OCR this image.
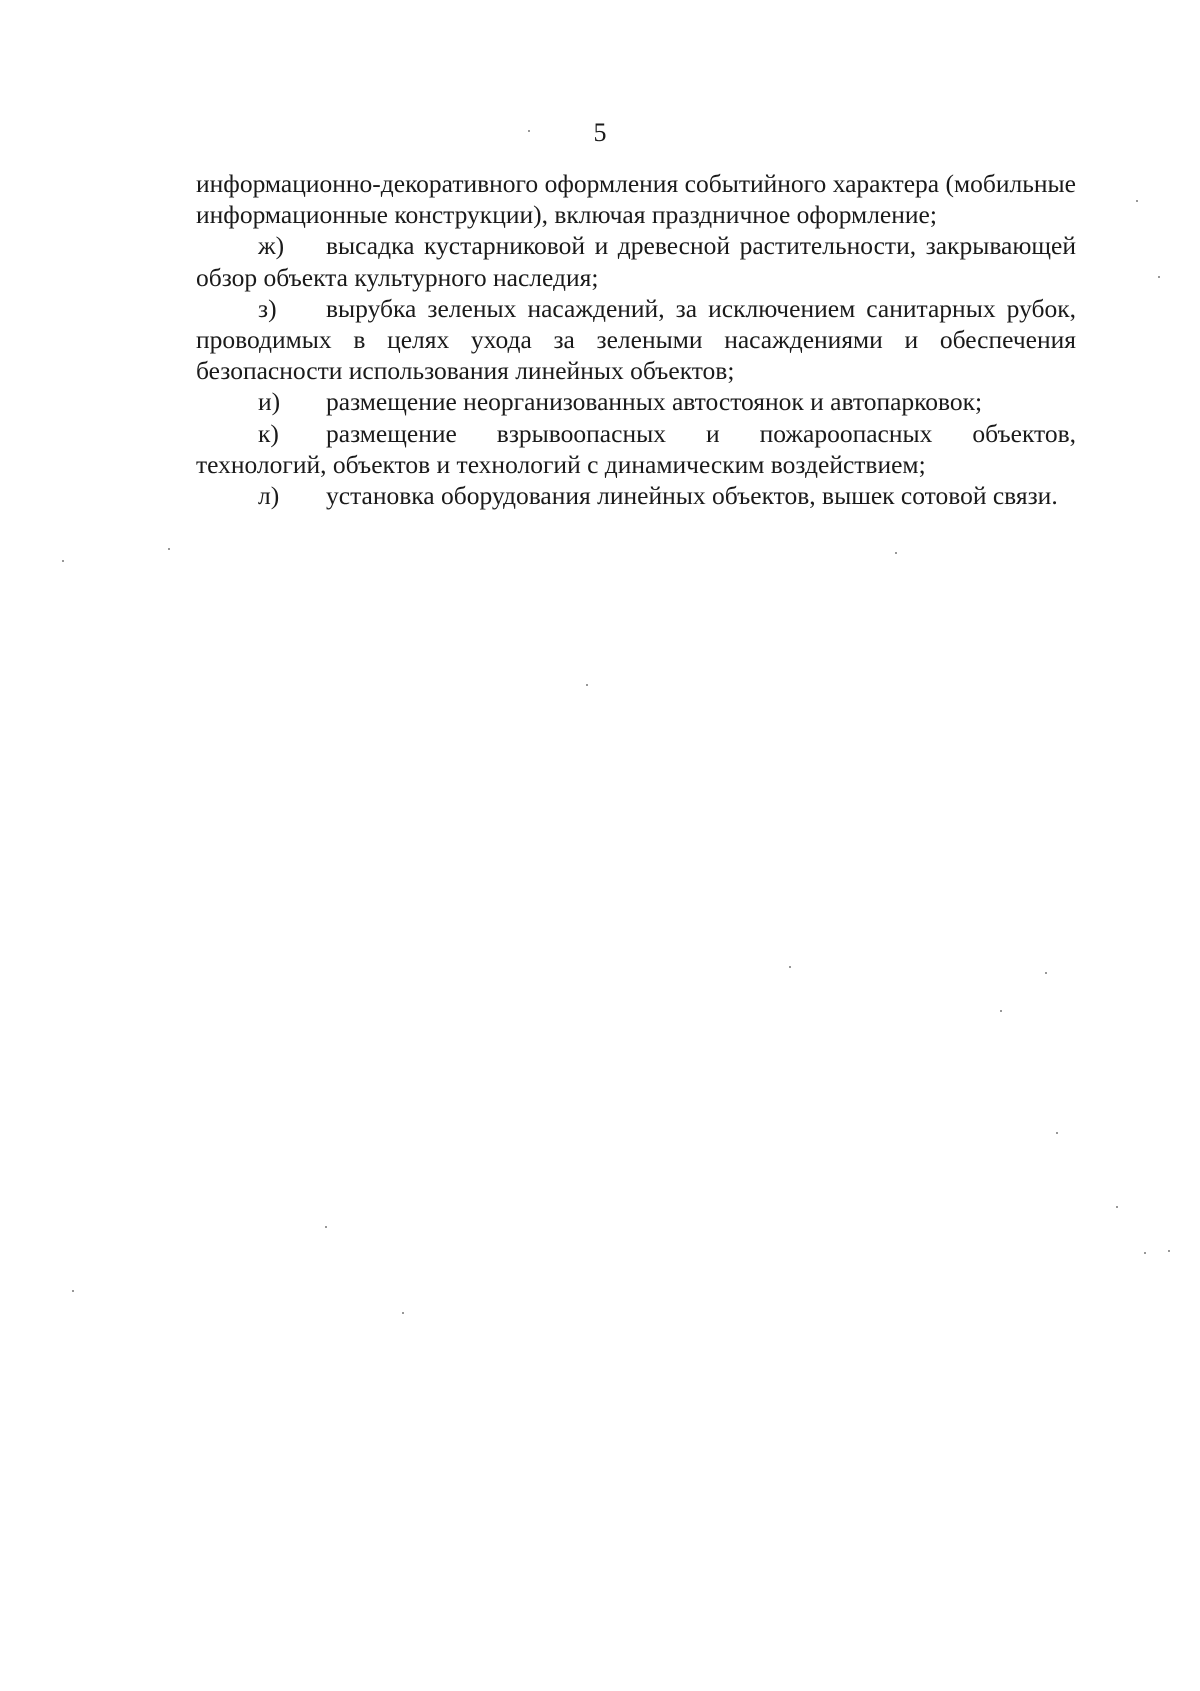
5

информационно-декоративного оформления событийного характера (мобильные информационные конструкции), включая праздничное оформление;

ж) высадка кустарниковой и древесной растительности, закрывающей обзор объекта культурного наследия;

з) вырубка зеленых насаждений, за исключением санитарных рубок, проводимых в целях ухода за зелеными насаждениями и обеспечения безопасности использования линейных объектов;

и) размещение неорганизованных автостоянок и автопарковок;

к) размещение взрывоопасных и пожароопасных объектов, технологий, объектов и технологий с динамическим воздействием;

л) установка оборудования линейных объектов, вышек сотовой связи.
